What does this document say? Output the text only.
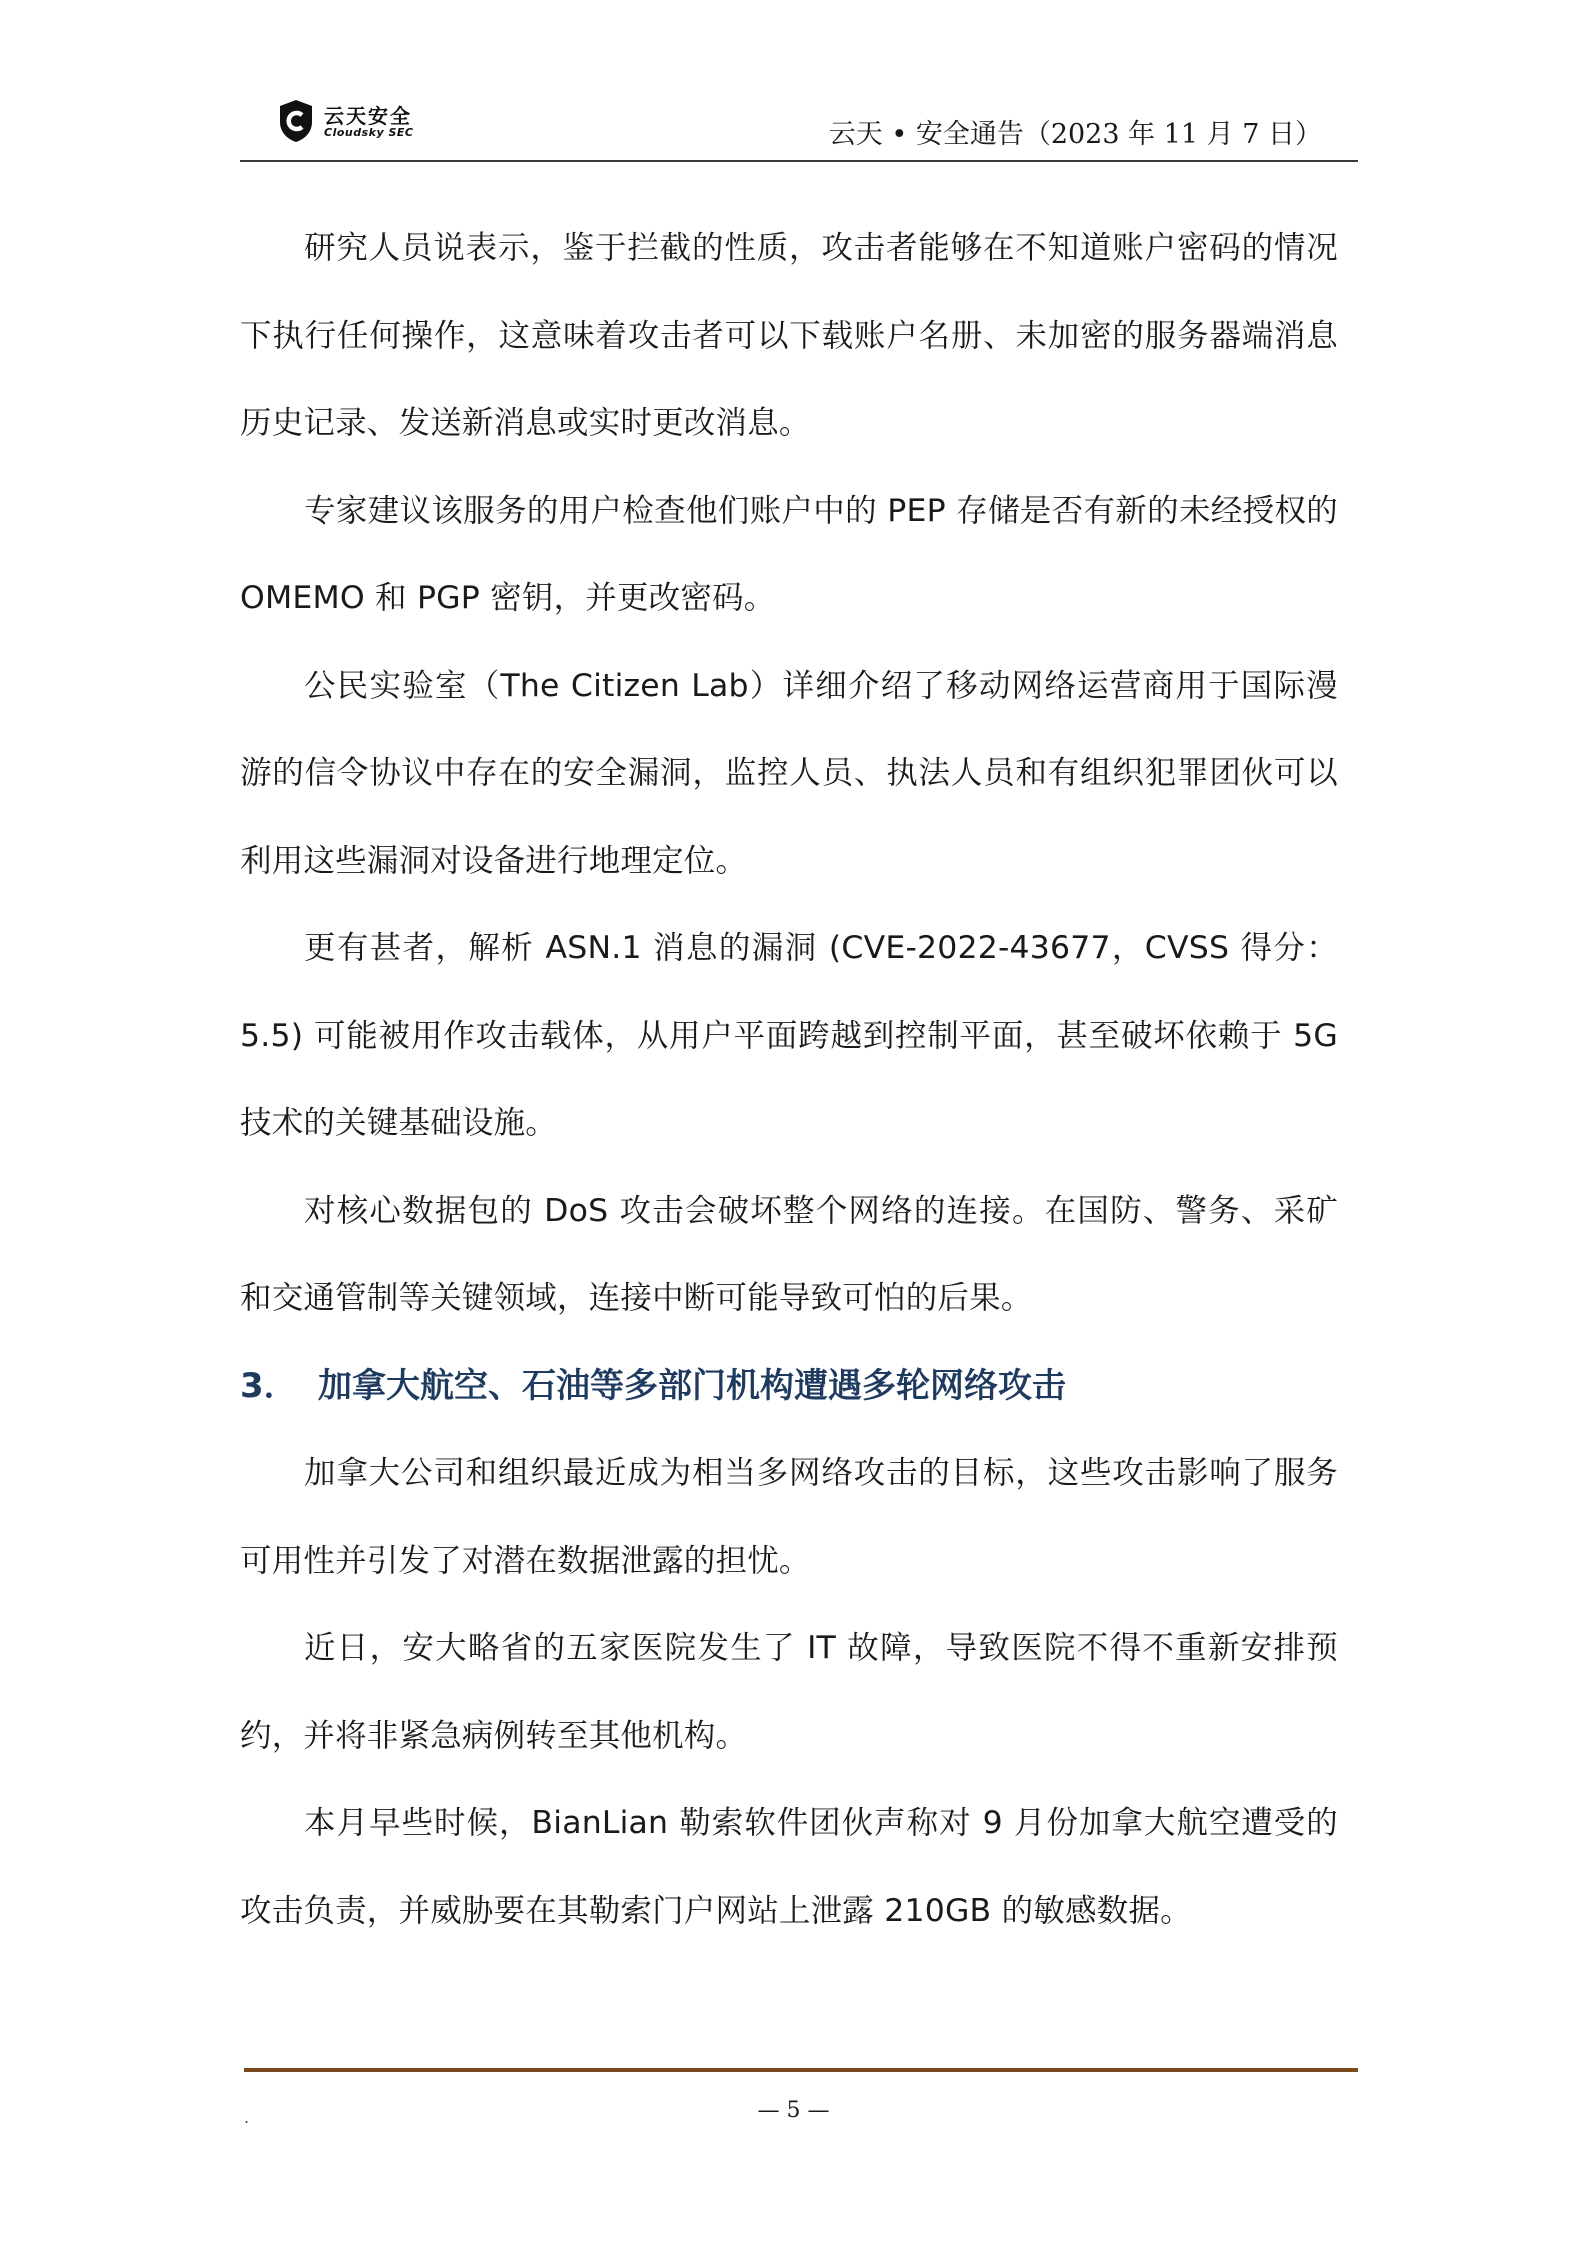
云天安全
Cloudsky SEC	云天 • 安全通告（2023 年 11 月 7 日）

研究人员说表示，鉴于拦截的性质，攻击者能够在不知道账户密码的情况下执行任何操作，这意味着攻击者可以下载账户名册、未加密的服务器端消息历史记录、发送新消息或实时更改消息。

专家建议该服务的用户检查他们账户中的 PEP 存储是否有新的未经授权的 OMEMO 和 PGP 密钥，并更改密码。

公民实验室（The Citizen Lab）详细介绍了移动网络运营商用于国际漫游的信令协议中存在的安全漏洞，监控人员、执法人员和有组织犯罪团伙可以利用这些漏洞对设备进行地理定位。

更有甚者，解析 ASN.1 消息的漏洞 (CVE-2022-43677，CVSS 得分：5.5) 可能被用作攻击载体，从用户平面跨越到控制平面，甚至破坏依赖于 5G 技术的关键基础设施。

对核心数据包的 DoS 攻击会破坏整个网络的连接。在国防、警务、采矿和交通管制等关键领域，连接中断可能导致可怕的后果。

3． 加拿大航空、石油等多部门机构遭遇多轮网络攻击

加拿大公司和组织最近成为相当多网络攻击的目标，这些攻击影响了服务可用性并引发了对潜在数据泄露的担忧。

近日，安大略省的五家医院发生了 IT 故障，导致医院不得不重新安排预约，并将非紧急病例转至其他机构。

本月早些时候，BianLian 勒索软件团伙声称对 9 月份加拿大航空遭受的攻击负责，并威胁要在其勒索门户网站上泄露 210GB 的敏感数据。

.	— 5 —
